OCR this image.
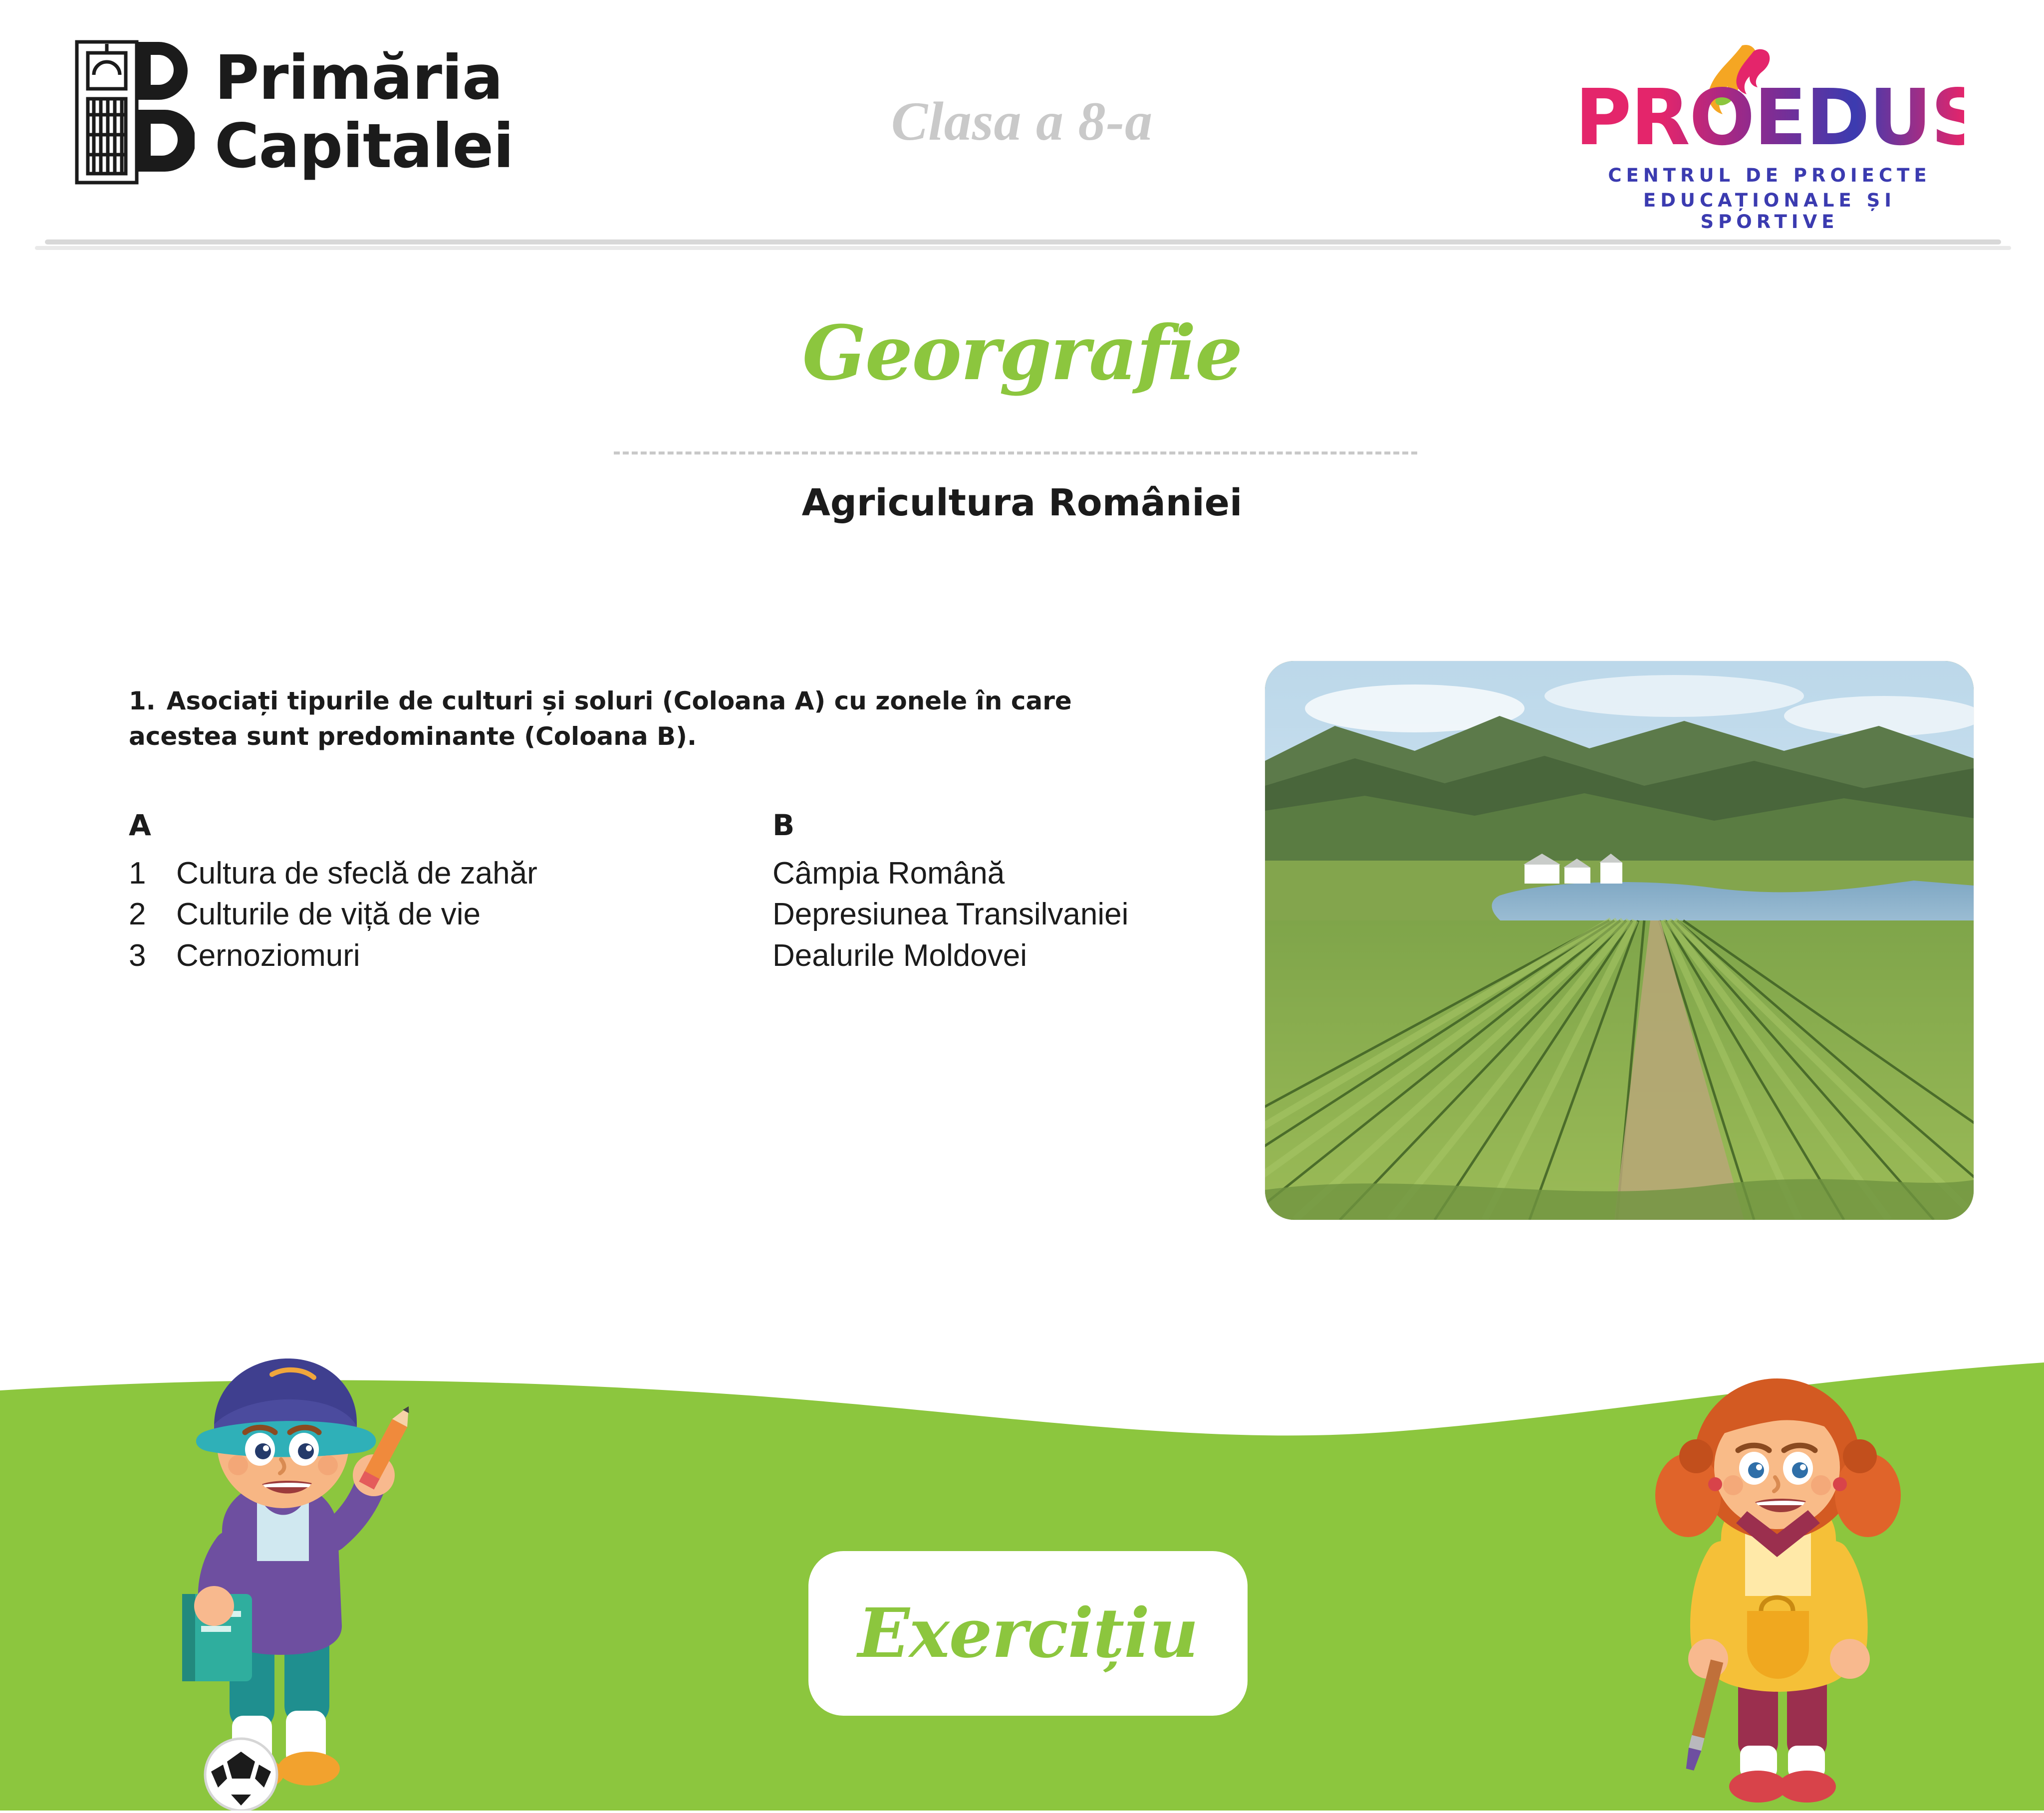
Primăria
Capitalei	Clasa a 8-a	PROEDUS
CENTRUL DE PROIECTE
EDUCAȚIONALE ȘI SPORTIVE
Georgrafie
Agricultura României
1. Asociați tipurile de culturi și soluri (Coloana A) cu zonele în care acestea sunt predominante (Coloana B).
A
1 Cultura de sfeclă de zahăr
2 Culturile de viță de vie
3 Cernoziomuri
B
Câmpia Română
Depresiunea Transilvaniei
Dealurile Moldovei
Exercițiu
